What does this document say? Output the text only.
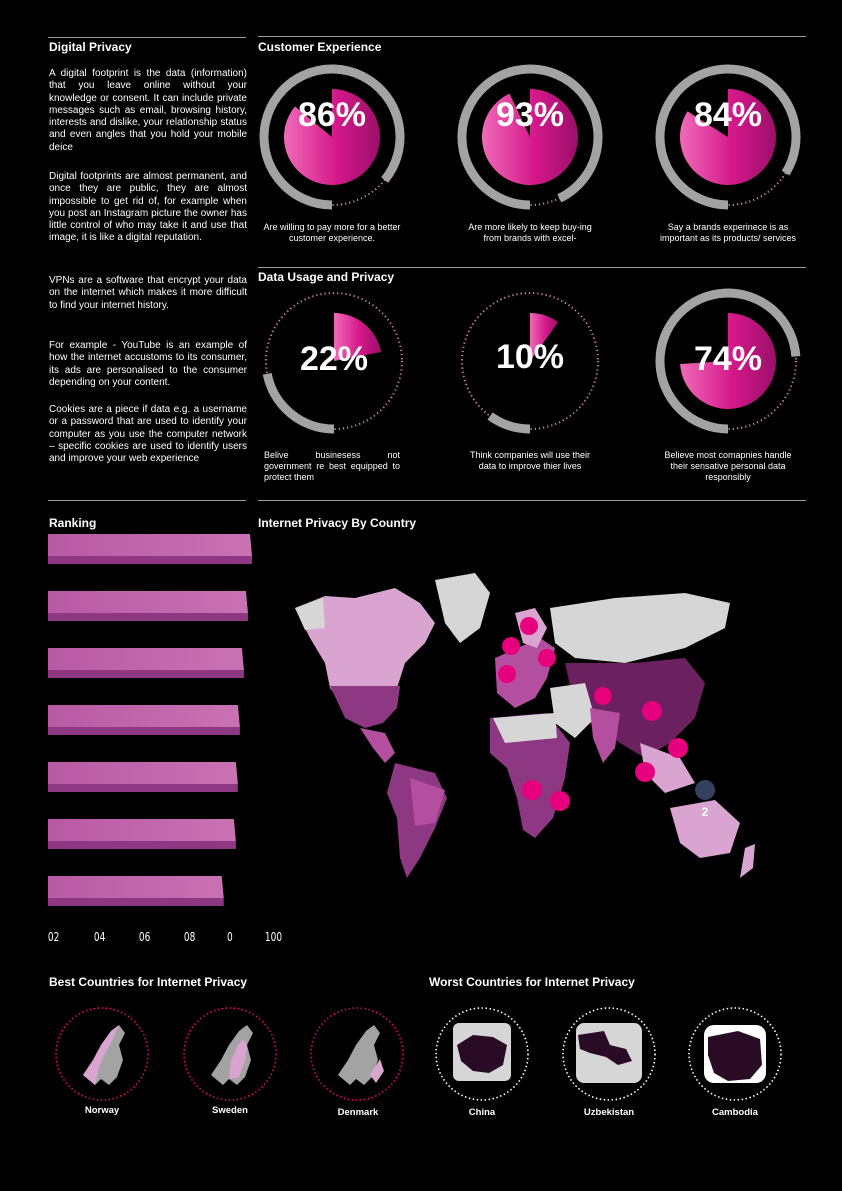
Digital Privacy
A digital footprint is the data (information) that you leave online without your knowledge or consent. It can include private messages such as email, browsing history, interests and dislike, your relationship status and even angles that you hold your mobile deice
Digital footprints are almost permanent, and once they are public, they are almost impossible to get rid of, for example when you post an Instagram picture the owner has little control of who may take it and use that image, it is like a digital reputation.
VPNs are a software that encrypt your data on the internet which makes it more difficult to find your internet history.
For example - YouTube is an example of how the internet accustoms to its consumer, its ads are personalised to the consumer depending on your content.
Cookies are a piece if data e.g. a username or a password that are used to identify your computer as you use the computer network – specific cookies are used to identify users and improve your web experience
Customer Experience
86%
Are willing to pay more for a better customer experience.
93%
Are more likely to keep buy-ing from brands with excel-
84%
Say a brands experinece is as important as its products/ services
Data Usage and Privacy
22%
Belive businesess not government re best equipped to protect them
10%
Think companies will use their data to improve thier lives
74%
Believe most comapnies handle their sensative personal data responsibly
Ranking
02	04	06	08	0	100
Internet Privacy By Country
2
Best Countries for Internet Privacy	Worst Countries for Internet Privacy
Norway	Sweden	Denmark	China	Uzbekistan	Cambodia
